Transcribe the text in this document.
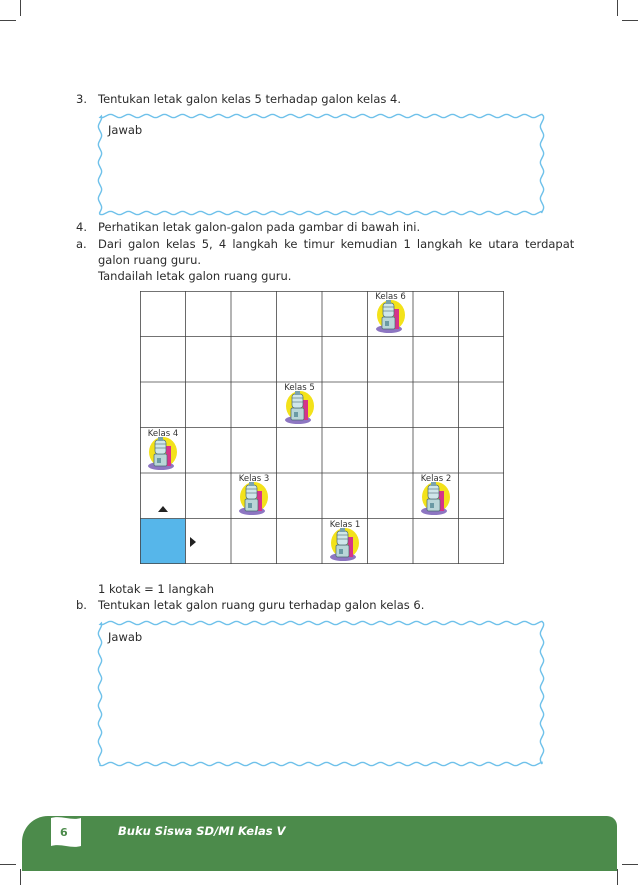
3. Tentukan letak galon kelas 5 terhadap galon kelas 4.
Jawab
4. Perhatikan letak galon-galon pada gambar di bawah ini.
a. Dari galon kelas 5, 4 langkah ke timur kemudian 1 langkah ke utara terdapat
galon ruang guru.
Tandailah letak galon ruang guru.
Kelas 6
Kelas 5
Kelas 4
Kelas 3	Kelas 2
Kelas 1
1 kotak = 1 langkah
b. Tentukan letak galon ruang guru terhadap galon kelas 6.
Jawab
6	Buku Siswa SD/MI Kelas V
